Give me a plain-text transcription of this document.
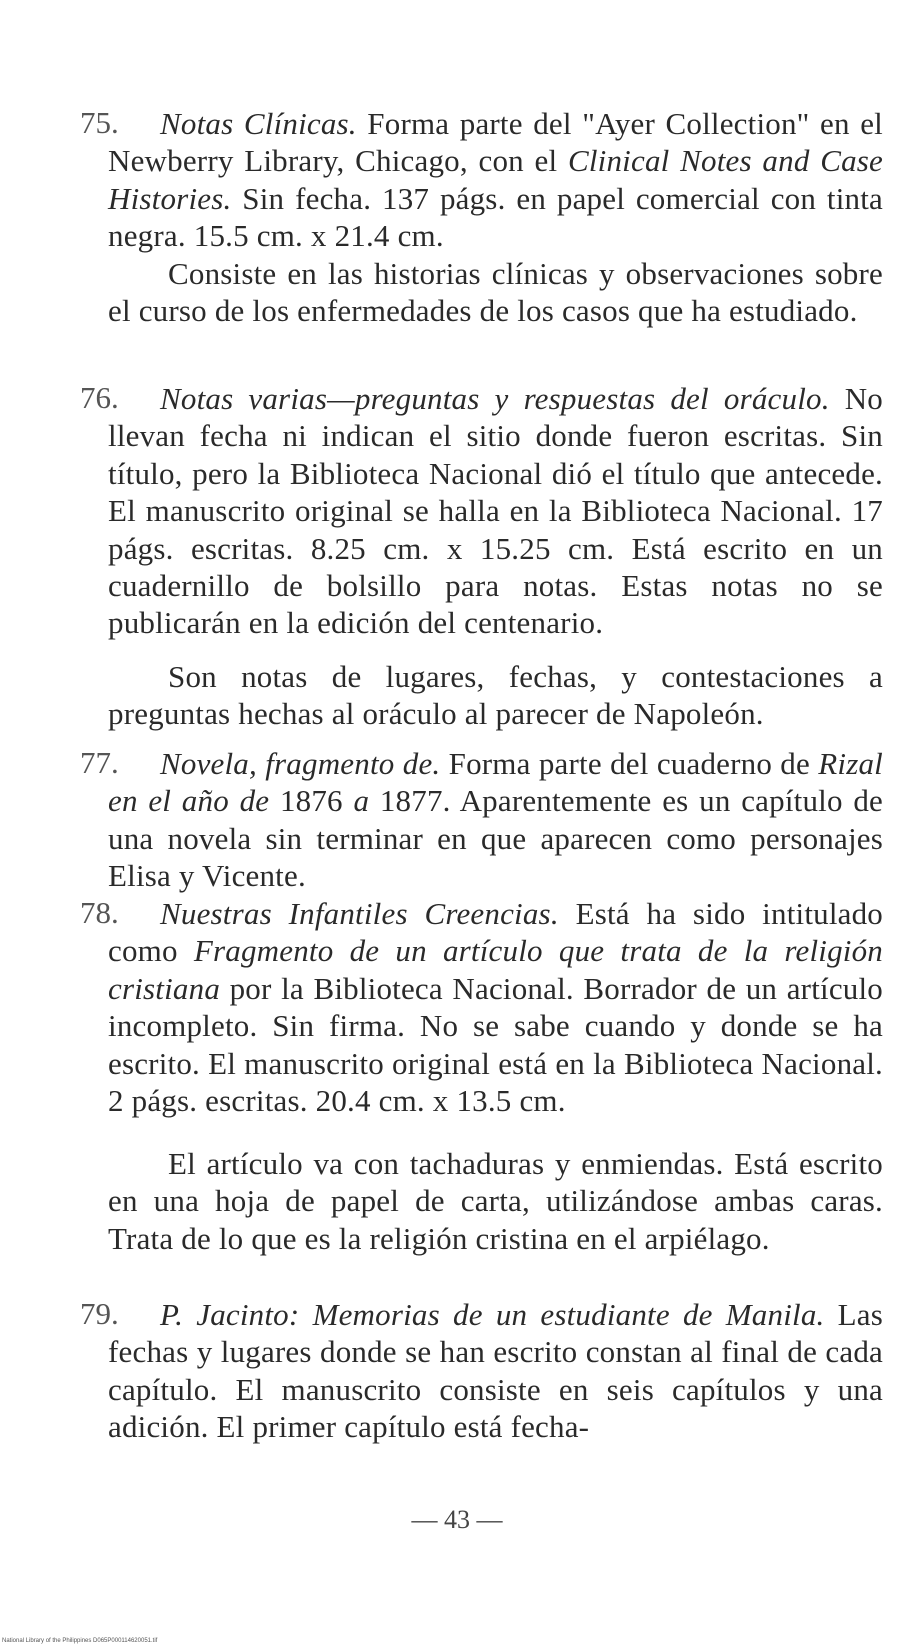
75.	Notas Clínicas. Forma parte del "Ayer Collection" en el Newberry Library, Chicago, con el Clinical Notes and Case Histories. Sin fecha. 137 págs. en papel comercial con tinta negra. 15.5 cm. x 21.4 cm.

Consiste en las historias clínicas y observaciones sobre el curso de los enfermedades de los casos que ha estudiado.

76.	Notas varias—preguntas y respuestas del oráculo. No llevan fecha ni indican el sitio donde fueron escritas. Sin título, pero la Biblioteca Nacional dió el título que antecede. El manuscrito original se halla en la Biblioteca Nacional. 17 págs. escritas. 8.25 cm. x 15.25 cm. Está escrito en un cuadernillo de bolsillo para notas. Estas notas no se publicarán en la edición del centenario.

Son notas de lugares, fechas, y contestaciones a preguntas hechas al oráculo al parecer de Napoleón.

77.	Novela, fragmento de. Forma parte del cuaderno de Rizal en el año de 1876 a 1877. Aparentemente es un capítulo de una novela sin terminar en que aparecen como personajes Elisa y Vicente.

78.	Nuestras Infantiles Creencias. Está ha sido intitulado como Fragmento de un artículo que trata de la religión cristiana por la Biblioteca Nacional. Borrador de un artículo incompleto. Sin firma. No se sabe cuando y donde se ha escrito. El manuscrito original está en la Biblioteca Nacional. 2 págs. escritas. 20.4 cm. x 13.5 cm.

El artículo va con tachaduras y enmiendas. Está escrito en una hoja de papel de carta, utilizándose ambas caras. Trata de lo que es la religión cristina en el arpiélago.

79.	P. Jacinto: Memorias de un estudiante de Manila. Las fechas y lugares donde se han escrito constan al final de cada capítulo. El manuscrito consiste en seis capítulos y una adición. El primer capítulo está fecha-

— 43 —
National Library of the Philippines D065P000114620051.tif
